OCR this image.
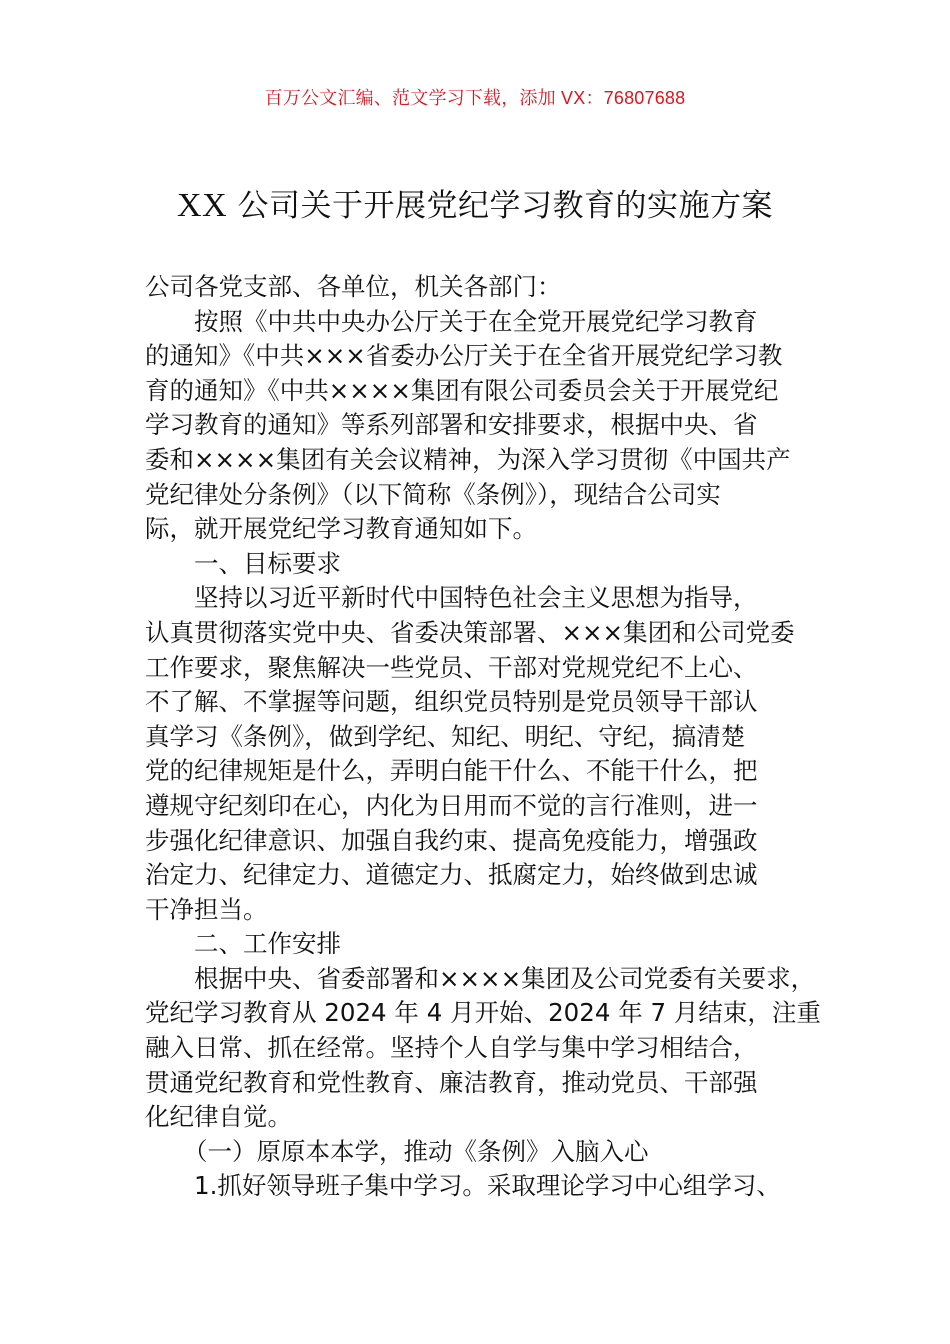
百万公文汇编、范文学习下载，添加 VX：76807688
XX 公司关于开展党纪学习教育的实施方案

公司各党支部、各单位，机关各部门：

按照《中共中央办公厅关于在全党开展党纪学习教育
的通知》《中共×××省委办公厅关于在全省开展党纪学习教
育的通知》《中共××××集团有限公司委员会关于开展党纪
学习教育的通知》等系列部署和安排要求，根据中央、省
委和××××集团有关会议精神，为深入学习贯彻《中国共产
党纪律处分条例》（以下简称《条例》），现结合公司实
际，就开展党纪学习教育通知如下。

一、目标要求

坚持以习近平新时代中国特色社会主义思想为指导，
认真贯彻落实党中央、省委决策部署、×××集团和公司党委
工作要求，聚焦解决一些党员、干部对党规党纪不上心、
不了解、不掌握等问题，组织党员特别是党员领导干部认
真学习《条例》，做到学纪、知纪、明纪、守纪，搞清楚
党的纪律规矩是什么，弄明白能干什么、不能干什么，把
遵规守纪刻印在心，内化为日用而不觉的言行准则，进一
步强化纪律意识、加强自我约束、提高免疫能力，增强政
治定力、纪律定力、道德定力、抵腐定力，始终做到忠诚
干净担当。

二、工作安排

根据中央、省委部署和××××集团及公司党委有关要求，
党纪学习教育从 2024 年 4 月开始、2024 年 7 月结束，注重
融入日常、抓在经常。坚持个人自学与集中学习相结合，
贯通党纪教育和党性教育、廉洁教育，推动党员、干部强
化纪律自觉。

（一）原原本本学，推动《条例》入脑入心

1.抓好领导班子集中学习。采取理论学习中心组学习、
